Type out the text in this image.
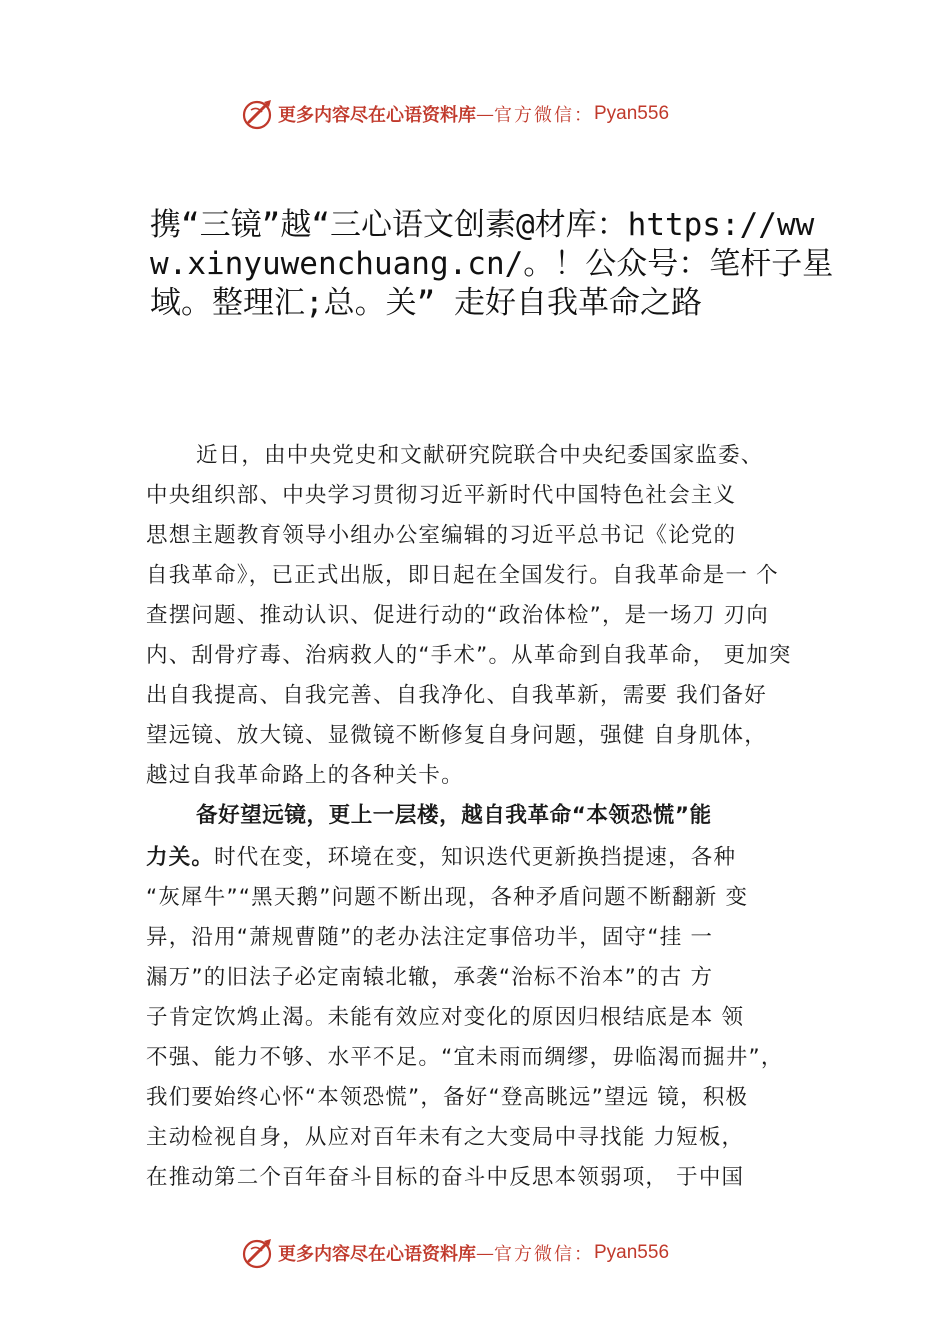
更多内容尽在心语资料库 — 官方微信： Pyan556
携“三镜”越“三心语文创素@材库：https://www.xinyuwenchuang.cn/。！公众号：笔杆子星域。整理汇;总。关” 走好自我革命之路
近日，由中央党史和文献研究院联合中央纪委国家监委、
中央组织部、中央学习贯彻习近平新时代中国特色社会主义
思想主题教育领导小组办公室编辑的习近平总书记《论党的
自我革命》，已正式出版，即日起在全国发行。自我革命是一 个
查摆问题、推动认识、促进行动的“政治体检”，是一场刀 刃向
内、刮骨疗毒、治病救人的“手术”。从革命到自我革命， 更加突
出自我提高、自我完善、自我净化、自我革新，需要 我们备好
望远镜、放大镜、显微镜不断修复自身问题，强健 自身肌体，
越过自我革命路上的各种关卡。
备好望远镜，更上一层楼，越自我革命“本领恐慌”能
力关。时代在变，环境在变，知识迭代更新换挡提速，各种
“灰犀牛”“黑天鹅”问题不断出现，各种矛盾问题不断翻新 变
异，沿用“萧规曹随”的老办法注定事倍功半，固守“挂 一
漏万”的旧法子必定南辕北辙，承袭“治标不治本”的古 方
子肯定饮鸩止渴。未能有效应对变化的原因归根结底是本 领
不强、能力不够、水平不足。“宜未雨而绸缪，毋临渴而掘井”，
我们要始终心怀“本领恐慌”，备好“登高眺远”望远 镜，积极
主动检视自身，从应对百年未有之大变局中寻找能 力短板，
在推动第二个百年奋斗目标的奋斗中反思本领弱项， 于中国
更多内容尽在心语资料库 — 官方微信： Pyan556
